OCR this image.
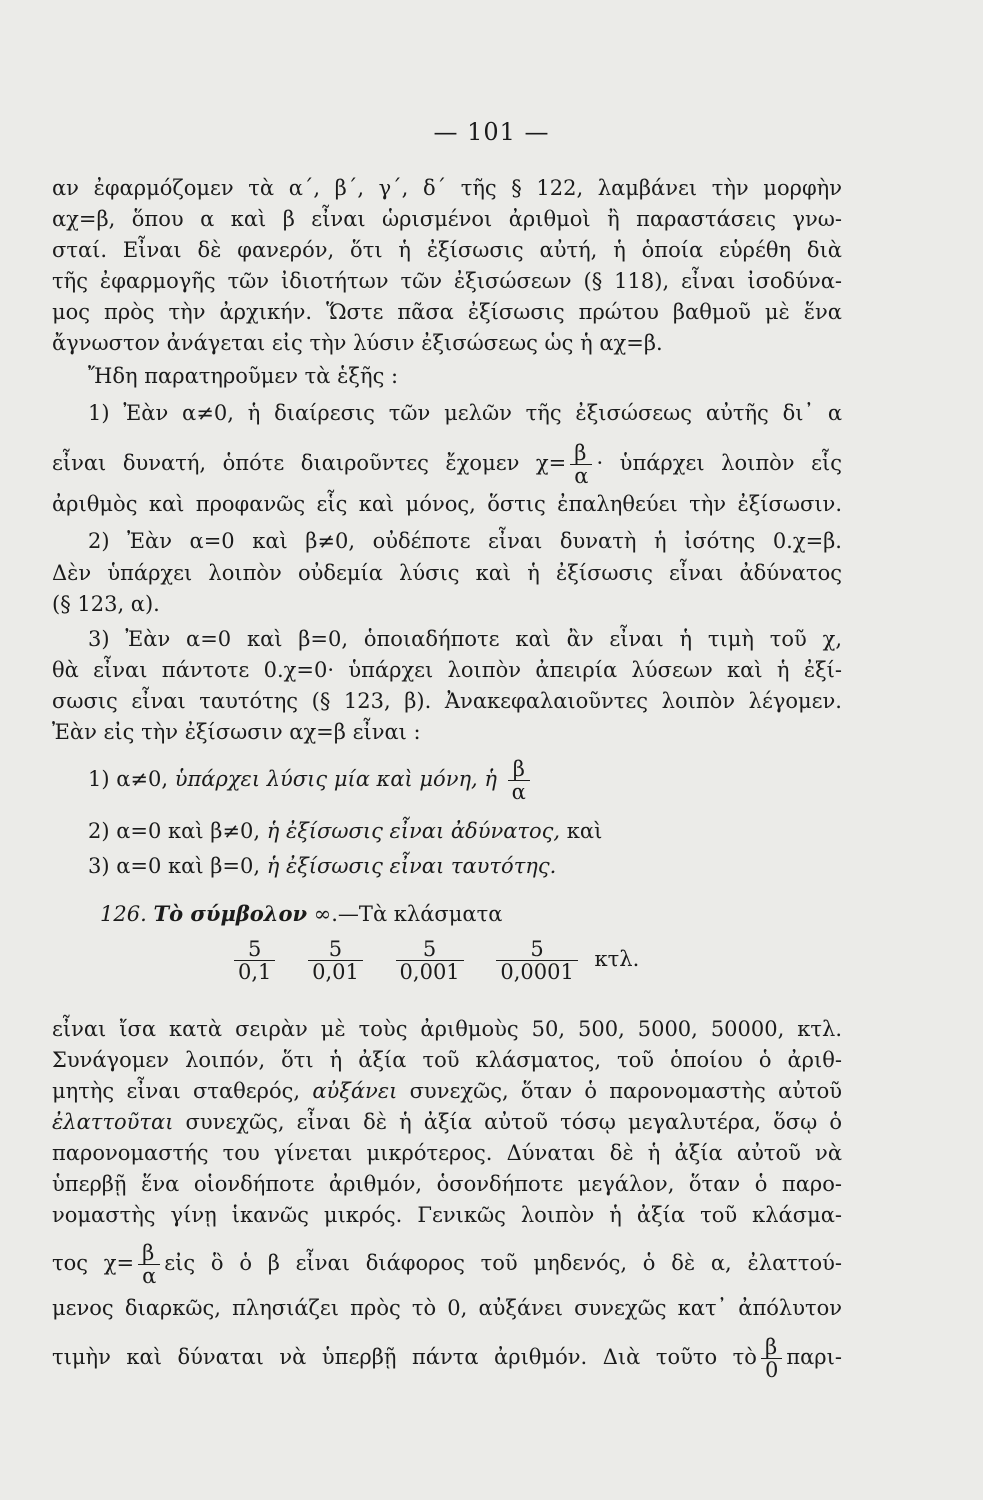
— 101 —
αν ἐφαρμόζομεν τὰ α΄, β΄, γ΄, δ΄ τῆς § 122, λαμβάνει τὴν μορφὴν
αχ=β, ὅπου α καὶ β εἶναι ὡρισμένοι ἀριθμοὶ ἢ παραστάσεις γνω-
σταί. Εἶναι δὲ φανερόν, ὅτι ἡ ἐξίσωσις αὐτή, ἡ ὁποία εὑρέθη διὰ
τῆς ἐφαρμογῆς τῶν ἰδιοτήτων τῶν ἐξισώσεων (§ 118), εἶναι ἰσοδύνα-
μος πρὸς τὴν ἀρχικήν. Ὥστε πᾶσα ἐξίσωσις πρώτου βαθμοῦ μὲ ἕνα
ἄγνωστον ἀνάγεται εἰς τὴν λύσιν ἐξισώσεως ὡς ἡ αχ=β.
Ἤδη παρατηροῦμεν τὰ ἑξῆς :
1) Ἐὰν α≠0, ἡ διαίρεσις τῶν μελῶν τῆς ἐξισώσεως αὐτῆς δι᾽ α
εἶναι δυνατή, ὁπότε διαιροῦντες ἔχομεν $\chi= \frac{\beta}{\alpha}$ · ὑπάρχει λοιπὸν εἷς
ἀριθμὸς καὶ προφανῶς εἷς καὶ μόνος, ὅστις ἐπαληθεύει τὴν ἐξίσωσιν.
2) Ἐὰν α=0 καὶ β≠0, οὐδέποτε εἶναι δυνατὴ ἡ ἰσότης 0.χ=β.
Δὲν ὑπάρχει λοιπὸν οὐδεμία λύσις καὶ ἡ ἐξίσωσις εἶναι ἀδύνατος
(§ 123, α).
3) Ἐὰν α=0 καὶ β=0, ὁποιαδήποτε καὶ ἂν εἶναι ἡ τιμὴ τοῦ χ,
θὰ εἶναι πάντοτε 0.χ=0· ὑπάρχει λοιπὸν ἀπειρία λύσεων καὶ ἡ ἐξί-
σωσις εἶναι ταυτότης (§ 123, β). Ἀνακεφαλαιοῦντες λοιπὸν λέγομεν.
Ἐὰν εἰς τὴν ἐξίσωσιν αχ=β εἶναι :
1) α≠0, ὑπάρχει λύσις μία καὶ μόνη, ἡ $\frac{\beta}{\alpha}$
2) α=0 καὶ β≠0, ἡ ἐξίσωσις εἶναι ἀδύνατος, καὶ
3) α=0 καὶ β=0, ἡ ἐξίσωσις εἶναι ταυτότης.
126. Τὸ σύμβολον ∞.—Τὰ κλάσματα
$\frac{5}{0,1}$
$\frac{5}{0,01}$
$\frac{5}{0,001}$
$\frac{5}{0,0001} \kappa\tau\lambda$.
εἶναι ἴσα κατὰ σειρὰν μὲ τοὺς ἀριθμοὺς 50, 500, 5000, 50000, κτλ.
Συνάγομεν λοιπόν, ὅτι ἡ ἀξία τοῦ κλάσματος, τοῦ ὁποίου ὁ ἀριθ-
μητὴς εἶναι σταθερός, αὐξάνει συνεχῶς, ὅταν ὁ παρονομαστὴς αὐτοῦ
ἐλαττοῦται συνεχῶς, εἶναι δὲ ἡ ἀξία αὐτοῦ τόσῳ μεγαλυτέρα, ὅσῳ ὁ
παρονομαστής του γίνεται μικρότερος. Δύναται δὲ ἡ ἀξία αὐτοῦ νὰ
ὑπερβῇ ἕνα οἱονδήποτε ἀριθμόν, ὁσονδήποτε μεγάλον, ὅταν ὁ παρο-
νομαστὴς γίνῃ ἱκανῶς μικρός. Γενικῶς λοιπὸν ἡ ἀξία τοῦ κλάσμα-
τος $\chi= \frac{\beta}{\alpha}$ εἰς ὃ ὁ β εἶναι διάφορος τοῦ μηδενός, ὁ δὲ α, ἐλαττού-
μενος διαρκῶς, πλησιάζει πρὸς τὸ 0, αὐξάνει συνεχῶς κατ᾽ ἀπόλυτον
τιμὴν καὶ δύναται νὰ ὑπερβῇ πάντα ἀριθμόν. Διὰ τοῦτο τὸ $\frac{\beta}{0} \pi\alpha\rho\iota-$
